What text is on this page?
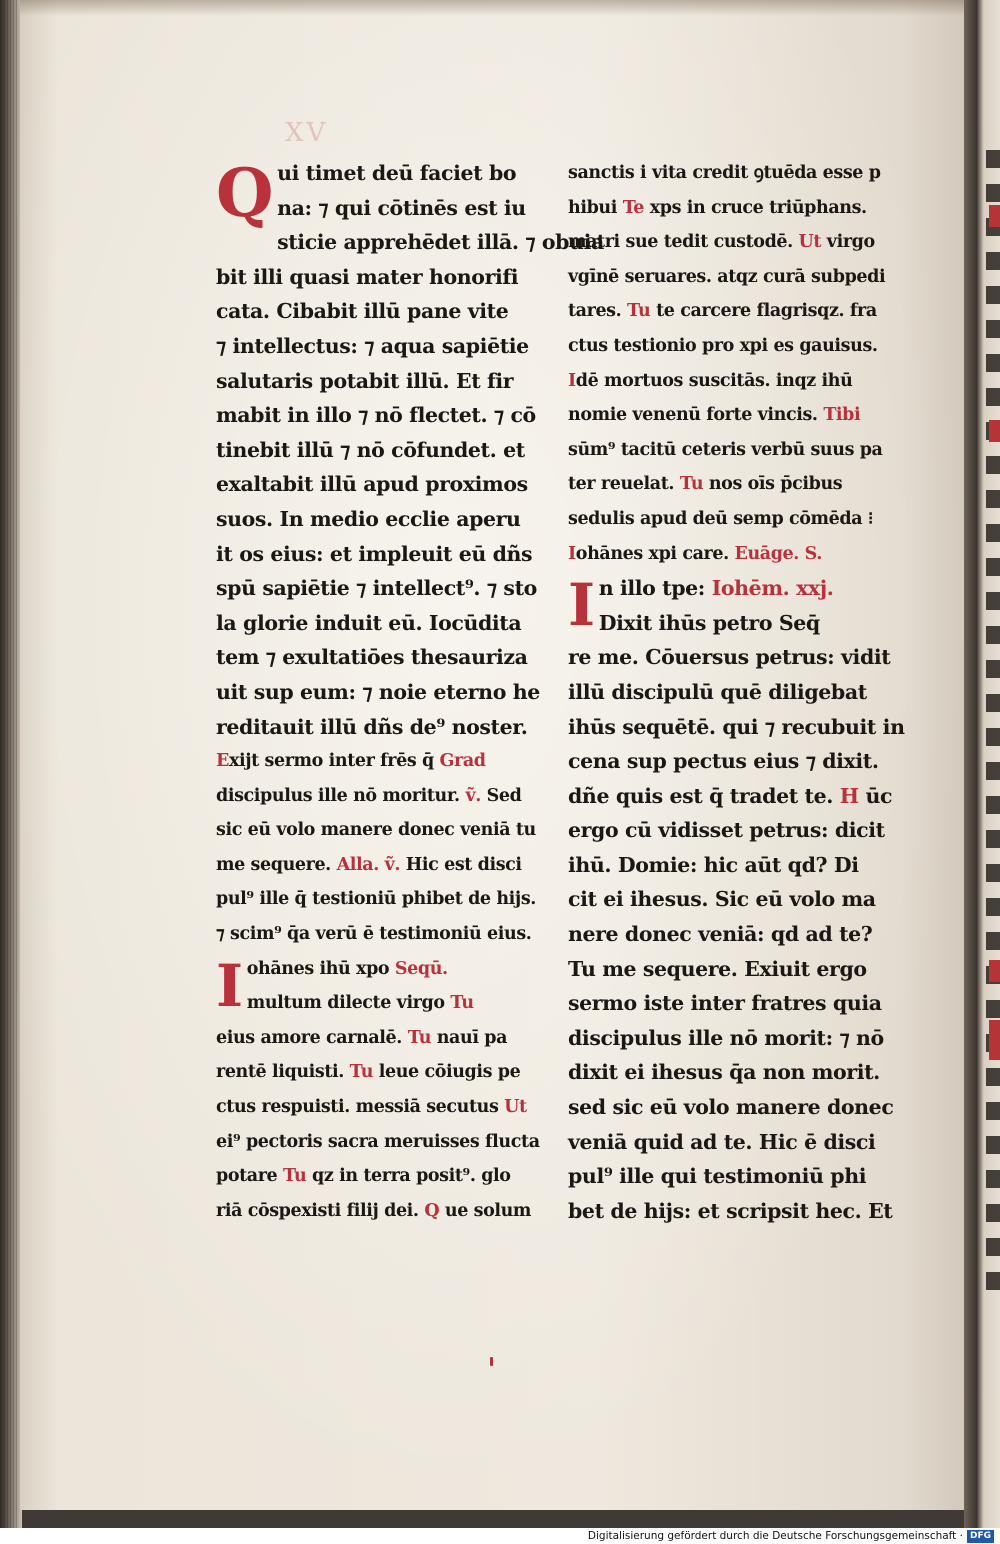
XV
Q ui timet deū faciet bo
na: ⁊ qui cōtinēs est iu
sticie apprehēdet illā. ⁊ obuia
bit illi quasi mater honorifi
cata. Cibabit illū pane vite
⁊ intellectus: ⁊ aqua sapiētie
salutaris potabit illū. Et fir
mabit in illo ⁊ nō flectet. ⁊ cō
tinebit illū ⁊ nō cōfundet. et
exaltabit illū apud proximos
suos. In medio ecclie aperu
it os eius: et impleuit eū dñs
spū sapiētie ⁊ intellect⁹. ⁊ sto
la glorie induit eū. Iocūdita
tem ⁊ exultatiōes thesauriza
uit sup eum: ⁊ noie eterno he
reditauit illū dñs de⁹ noster.
Exijt sermo inter frēs q̄ Grad
discipulus ille nō moritur. ṽ. Sed
sic eū volo manere donec veniā tu
me sequere. Alla. ṽ. Hic est disci
pul⁹ ille q̄ testioniū phibet de hijs.
⁊ scim⁹ q̄a verū ē testimoniū eius.
I ohānes ihū xpo Seqū.
multum dilecte virgo Tu
eius amore carnalē. Tu nauī pa
rentē liquisti. Tu leue cōiugis pe
ctus respuisti. messiā secutus Ut
ei⁹ pectoris sacra meruisses flucta
potare Tu qz in terra posit⁹. glo
riā cōspexisti filij dei. Q ue solum
sanctis i vita credit ꝯtuēda esse p
hibui Te xps in cruce triūphans.
matri sue tedit custodē. Ut virgo
vgīnē seruares. atqz curā subpedi
tares. Tu te carcere flagrisqz. fra
ctus testionio pro xpi es gauisus.
Idē mortuos suscitās. inqz ihū
nomie venenū forte vincis. Tibi
sūm⁹ tacitū ceteris verbū suus pa
ter reuelat. Tu nos oīs p̄cibus
sedulis apud deū semp cōmēda ⁝
Iohānes xpi care. Euāge. S.
I n illo tpe: Iohēm. xxj.
Dixit ihūs petro Seq̄
re me. Cōuersus petrus: vidit
illū discipulū quē diligebat
ihūs sequētē. qui ⁊ recubuit in
cena sup pectus eius ⁊ dixit.
dñe quis est q̄ tradet te. H ūc
ergo cū vidisset petrus: dicit
ihū. Domie: hic aūt qd? Di
cit ei ihesus. Sic eū volo ma
nere donec veniā: qd ad te?
Tu me sequere. Exiuit ergo
sermo iste inter fratres quia
discipulus ille nō morit: ⁊ nō
dixit ei ihesus q̄a non morit.
sed sic eū volo manere donec
veniā quid ad te. Hic ē disci
pul⁹ ille qui testimoniū phi
bet de hijs: et scripsit hec. Et
Digitalisierung gefördert durch die Deutsche Forschungsgemeinschaft · DFG
